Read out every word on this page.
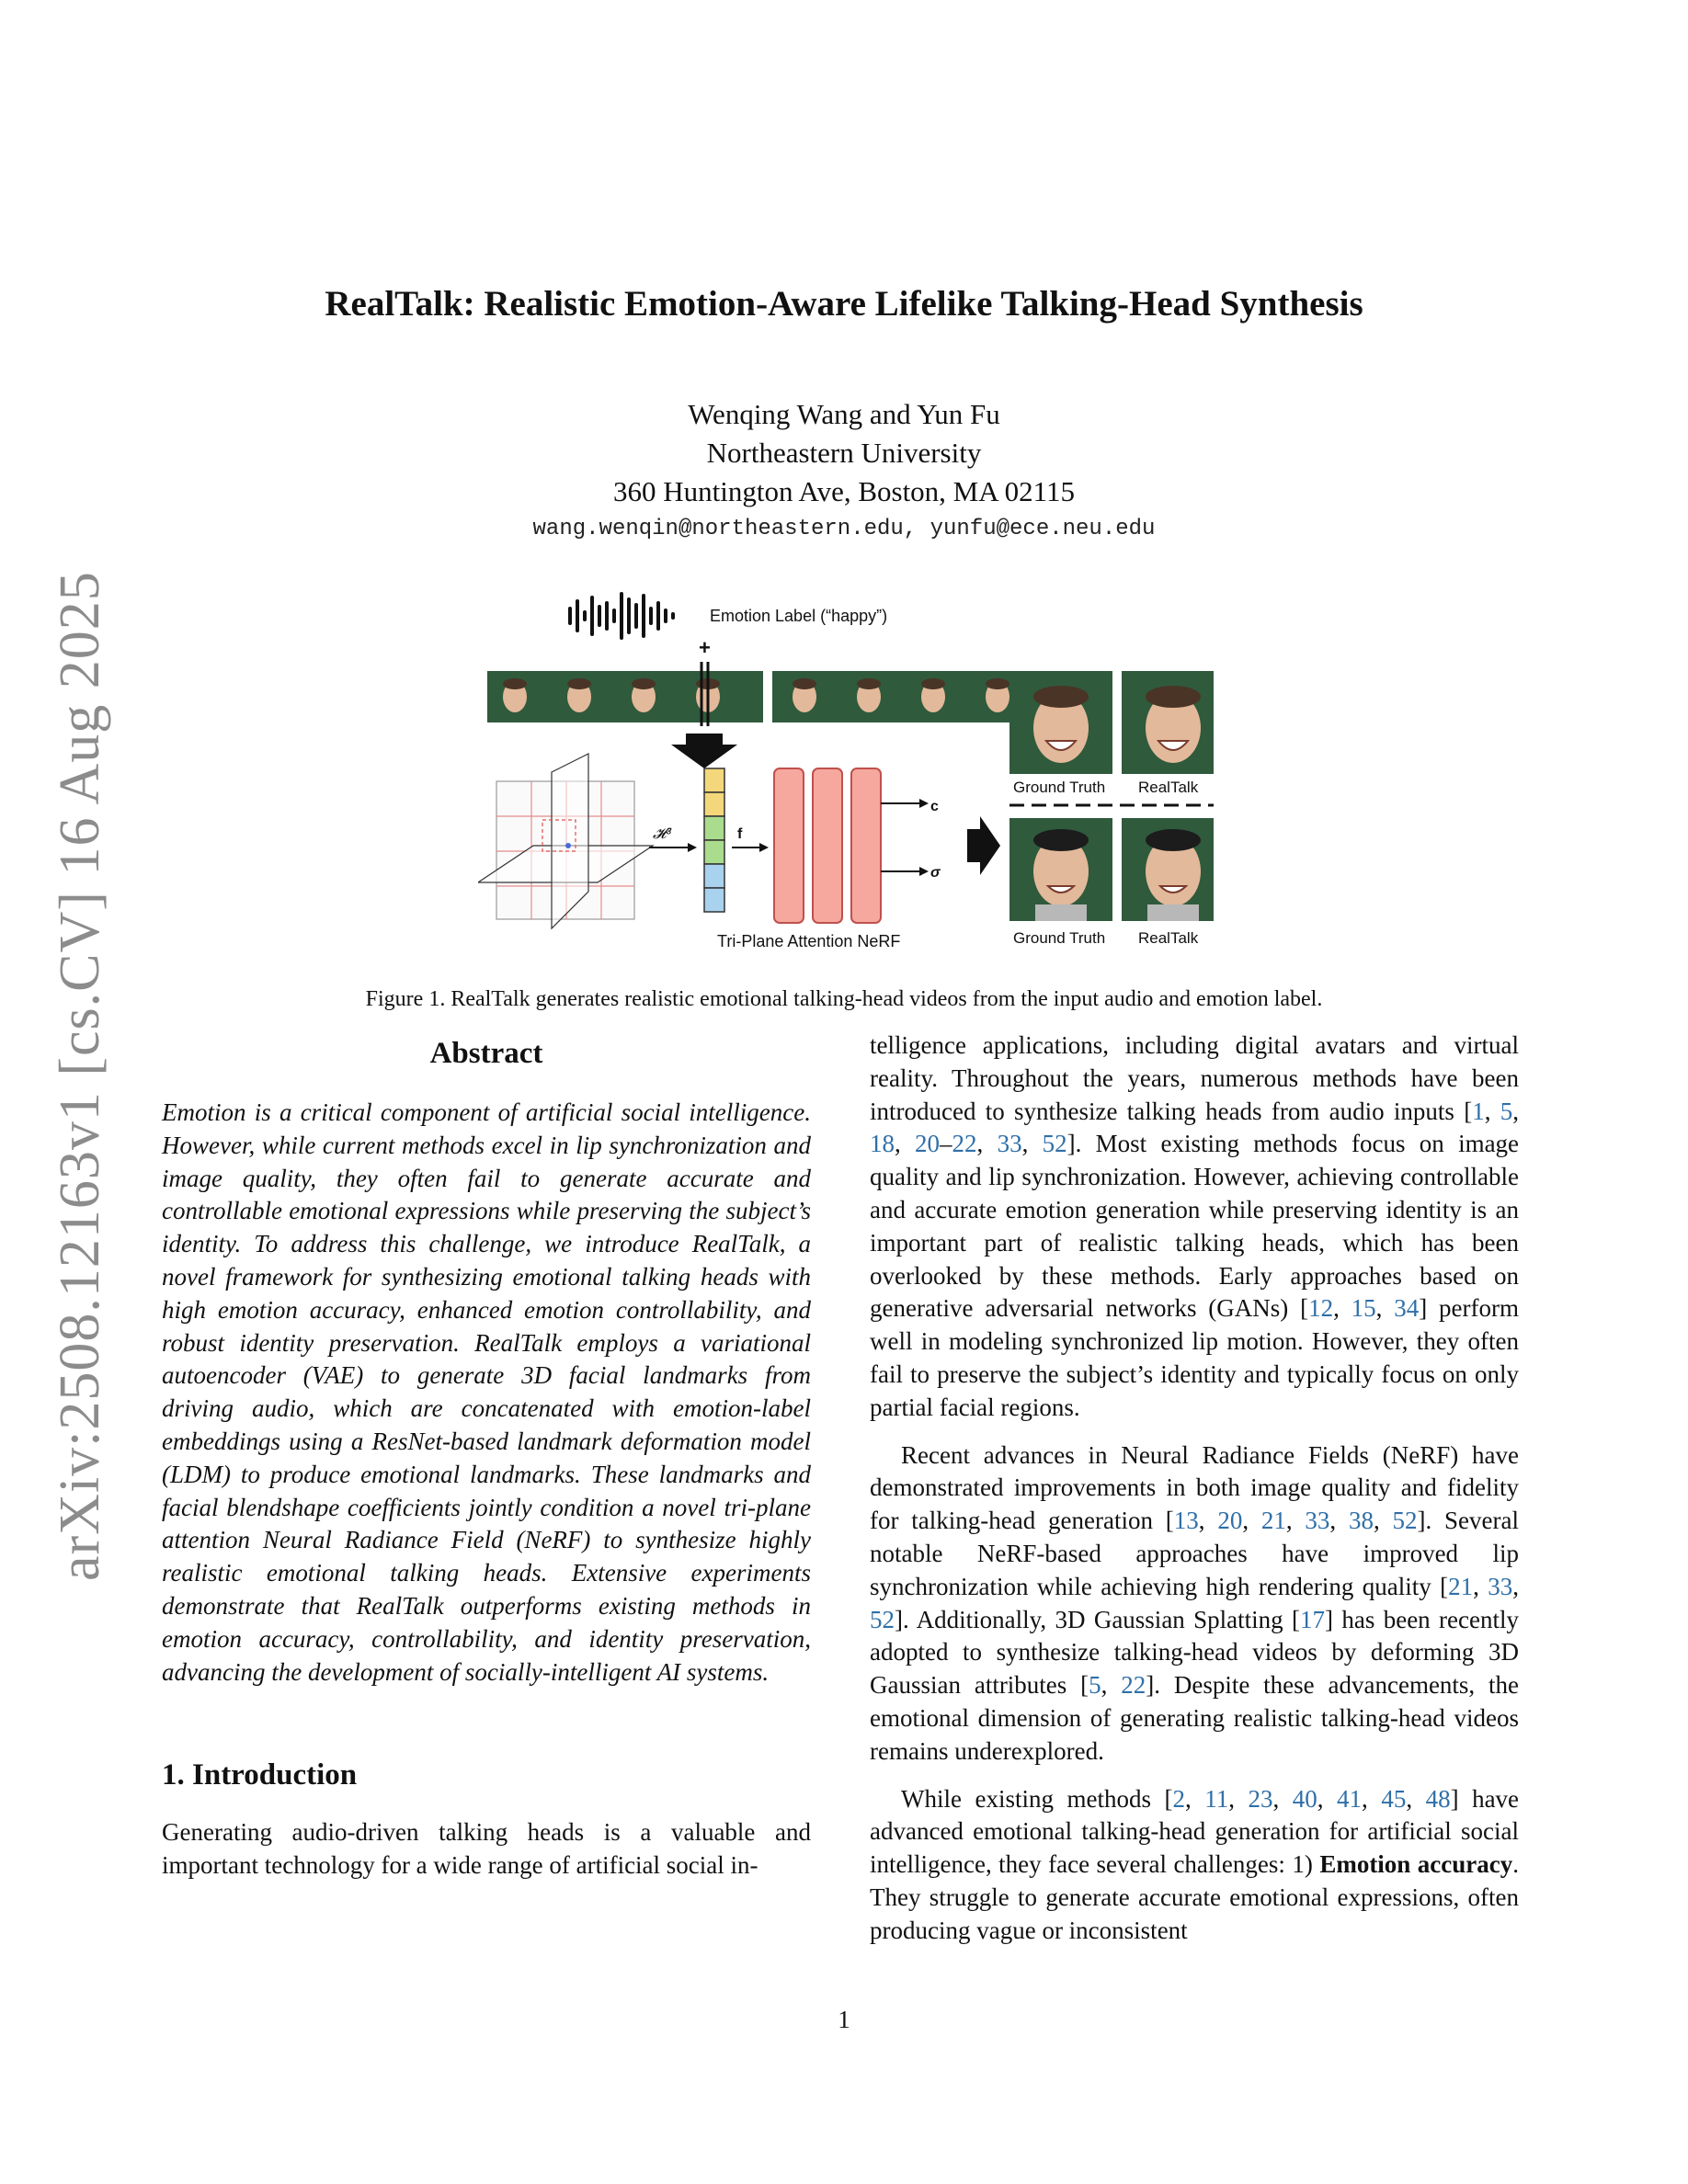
arXiv:2508.12163v1 [cs.CV] 16 Aug 2025
RealTalk: Realistic Emotion-Aware Lifelike Talking-Head Synthesis
Wenqing Wang and Yun Fu
Northeastern University
360 Huntington Ave, Boston, MA 02115
wang.wenqin@northeastern.edu, yunfu@ece.neu.edu
Emotion Label (“happy”)
+
𝓗³	f
c
σ
Tri-Plane Attention NeRF
Ground Truth RealTalk
Ground Truth RealTalk
Figure 1. RealTalk generates realistic emotional talking-head videos from the input audio and emotion label.
Abstract

Emotion is a critical component of artificial social intelligence. However, while current methods excel in lip synchronization and image quality, they often fail to generate accurate and controllable emotional expressions while preserving the subject’s identity. To address this challenge, we introduce RealTalk, a novel framework for synthesizing emotional talking heads with high emotion accuracy, enhanced emotion controllability, and robust identity preservation. RealTalk employs a variational autoencoder (VAE) to generate 3D facial landmarks from driving audio, which are concatenated with emotion-label embeddings using a ResNet-based landmark deformation model (LDM) to produce emotional landmarks. These landmarks and facial blendshape coefficients jointly condition a novel tri-plane attention Neural Radiance Field (NeRF) to synthesize highly realistic emotional talking heads. Extensive experiments demonstrate that RealTalk outperforms existing methods in emotion accuracy, controllability, and identity preservation, advancing the development of socially-intelligent AI systems.

1. Introduction

Generating audio-driven talking heads is a valuable and important technology for a wide range of artificial social in-

telligence applications, including digital avatars and virtual reality. Throughout the years, numerous methods have been introduced to synthesize talking heads from audio inputs [1, 5, 18, 20–22, 33, 52]. Most existing methods focus on image quality and lip synchronization. However, achieving controllable and accurate emotion generation while preserving identity is an important part of realistic talking heads, which has been overlooked by these methods. Early approaches based on generative adversarial networks (GANs) [12, 15, 34] perform well in modeling synchronized lip motion. However, they often fail to preserve the subject’s identity and typically focus on only partial facial regions.

Recent advances in Neural Radiance Fields (NeRF) have demonstrated improvements in both image quality and fidelity for talking-head generation [13, 20, 21, 33, 38, 52]. Several notable NeRF-based approaches have improved lip synchronization while achieving high rendering quality [21, 33, 52]. Additionally, 3D Gaussian Splatting [17] has been recently adopted to synthesize talking-head videos by deforming 3D Gaussian attributes [5, 22]. Despite these advancements, the emotional dimension of generating realistic talking-head videos remains underexplored.

While existing methods [2, 11, 23, 40, 41, 45, 48] have advanced emotional talking-head generation for artificial social intelligence, they face several challenges: 1) Emotion accuracy. They struggle to generate accurate emotional expressions, often producing vague or inconsistent

1
